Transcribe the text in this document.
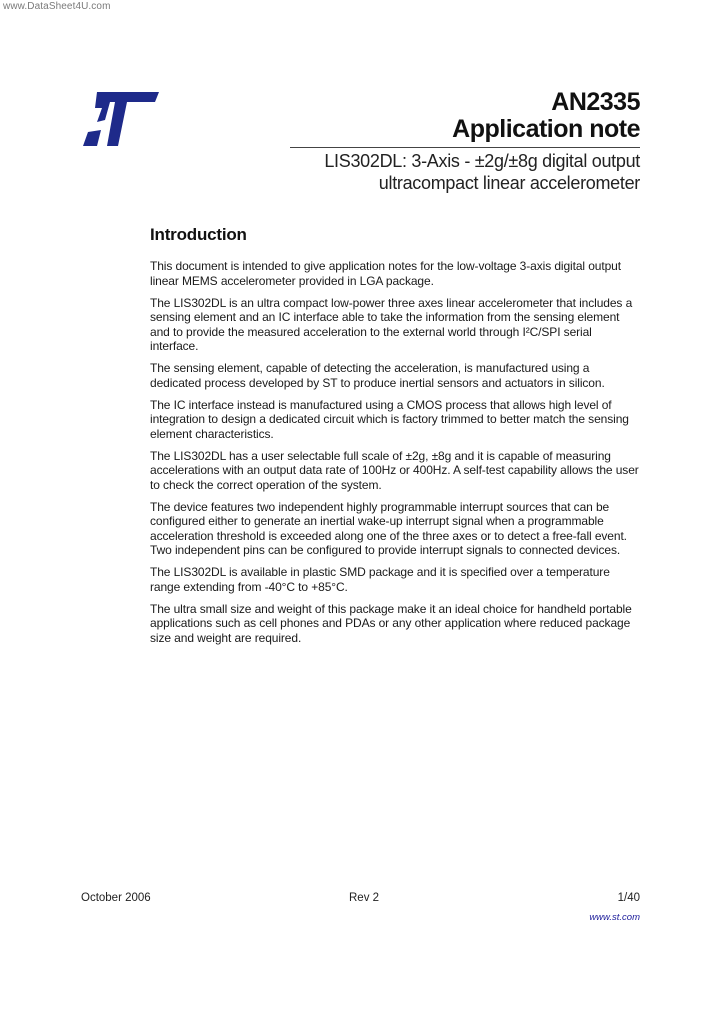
www.DataSheet4U.com
AN2335
Application note
LIS302DL: 3-Axis - ±2g/±8g digital output
ultracompact linear accelerometer
Introduction

This document is intended to give application notes for the low-voltage 3-axis digital output linear MEMS accelerometer provided in LGA package.

The LIS302DL is an ultra compact low-power three axes linear accelerometer that includes a sensing element and an IC interface able to take the information from the sensing element and to provide the measured acceleration to the external world through I²C/SPI serial interface.

The sensing element, capable of detecting the acceleration, is manufactured using a dedicated process developed by ST to produce inertial sensors and actuators in silicon.

The IC interface instead is manufactured using a CMOS process that allows high level of integration to design a dedicated circuit which is factory trimmed to better match the sensing element characteristics.

The LIS302DL has a user selectable full scale of ±2g, ±8g and it is capable of measuring accelerations with an output data rate of 100Hz or 400Hz. A self-test capability allows the user to check the correct operation of the system.

The device features two independent highly programmable interrupt sources that can be configured either to generate an inertial wake-up interrupt signal when a programmable acceleration threshold is exceeded along one of the three axes or to detect a free-fall event. Two independent pins can be configured to provide interrupt signals to connected devices.

The LIS302DL is available in plastic SMD package and it is specified over a temperature range extending from -40°C to +85°C.

The ultra small size and weight of this package make it an ideal choice for handheld portable applications such as cell phones and PDAs or any other application where reduced package size and weight are required.

October 2006	Rev 2	1/40
www.st.com
